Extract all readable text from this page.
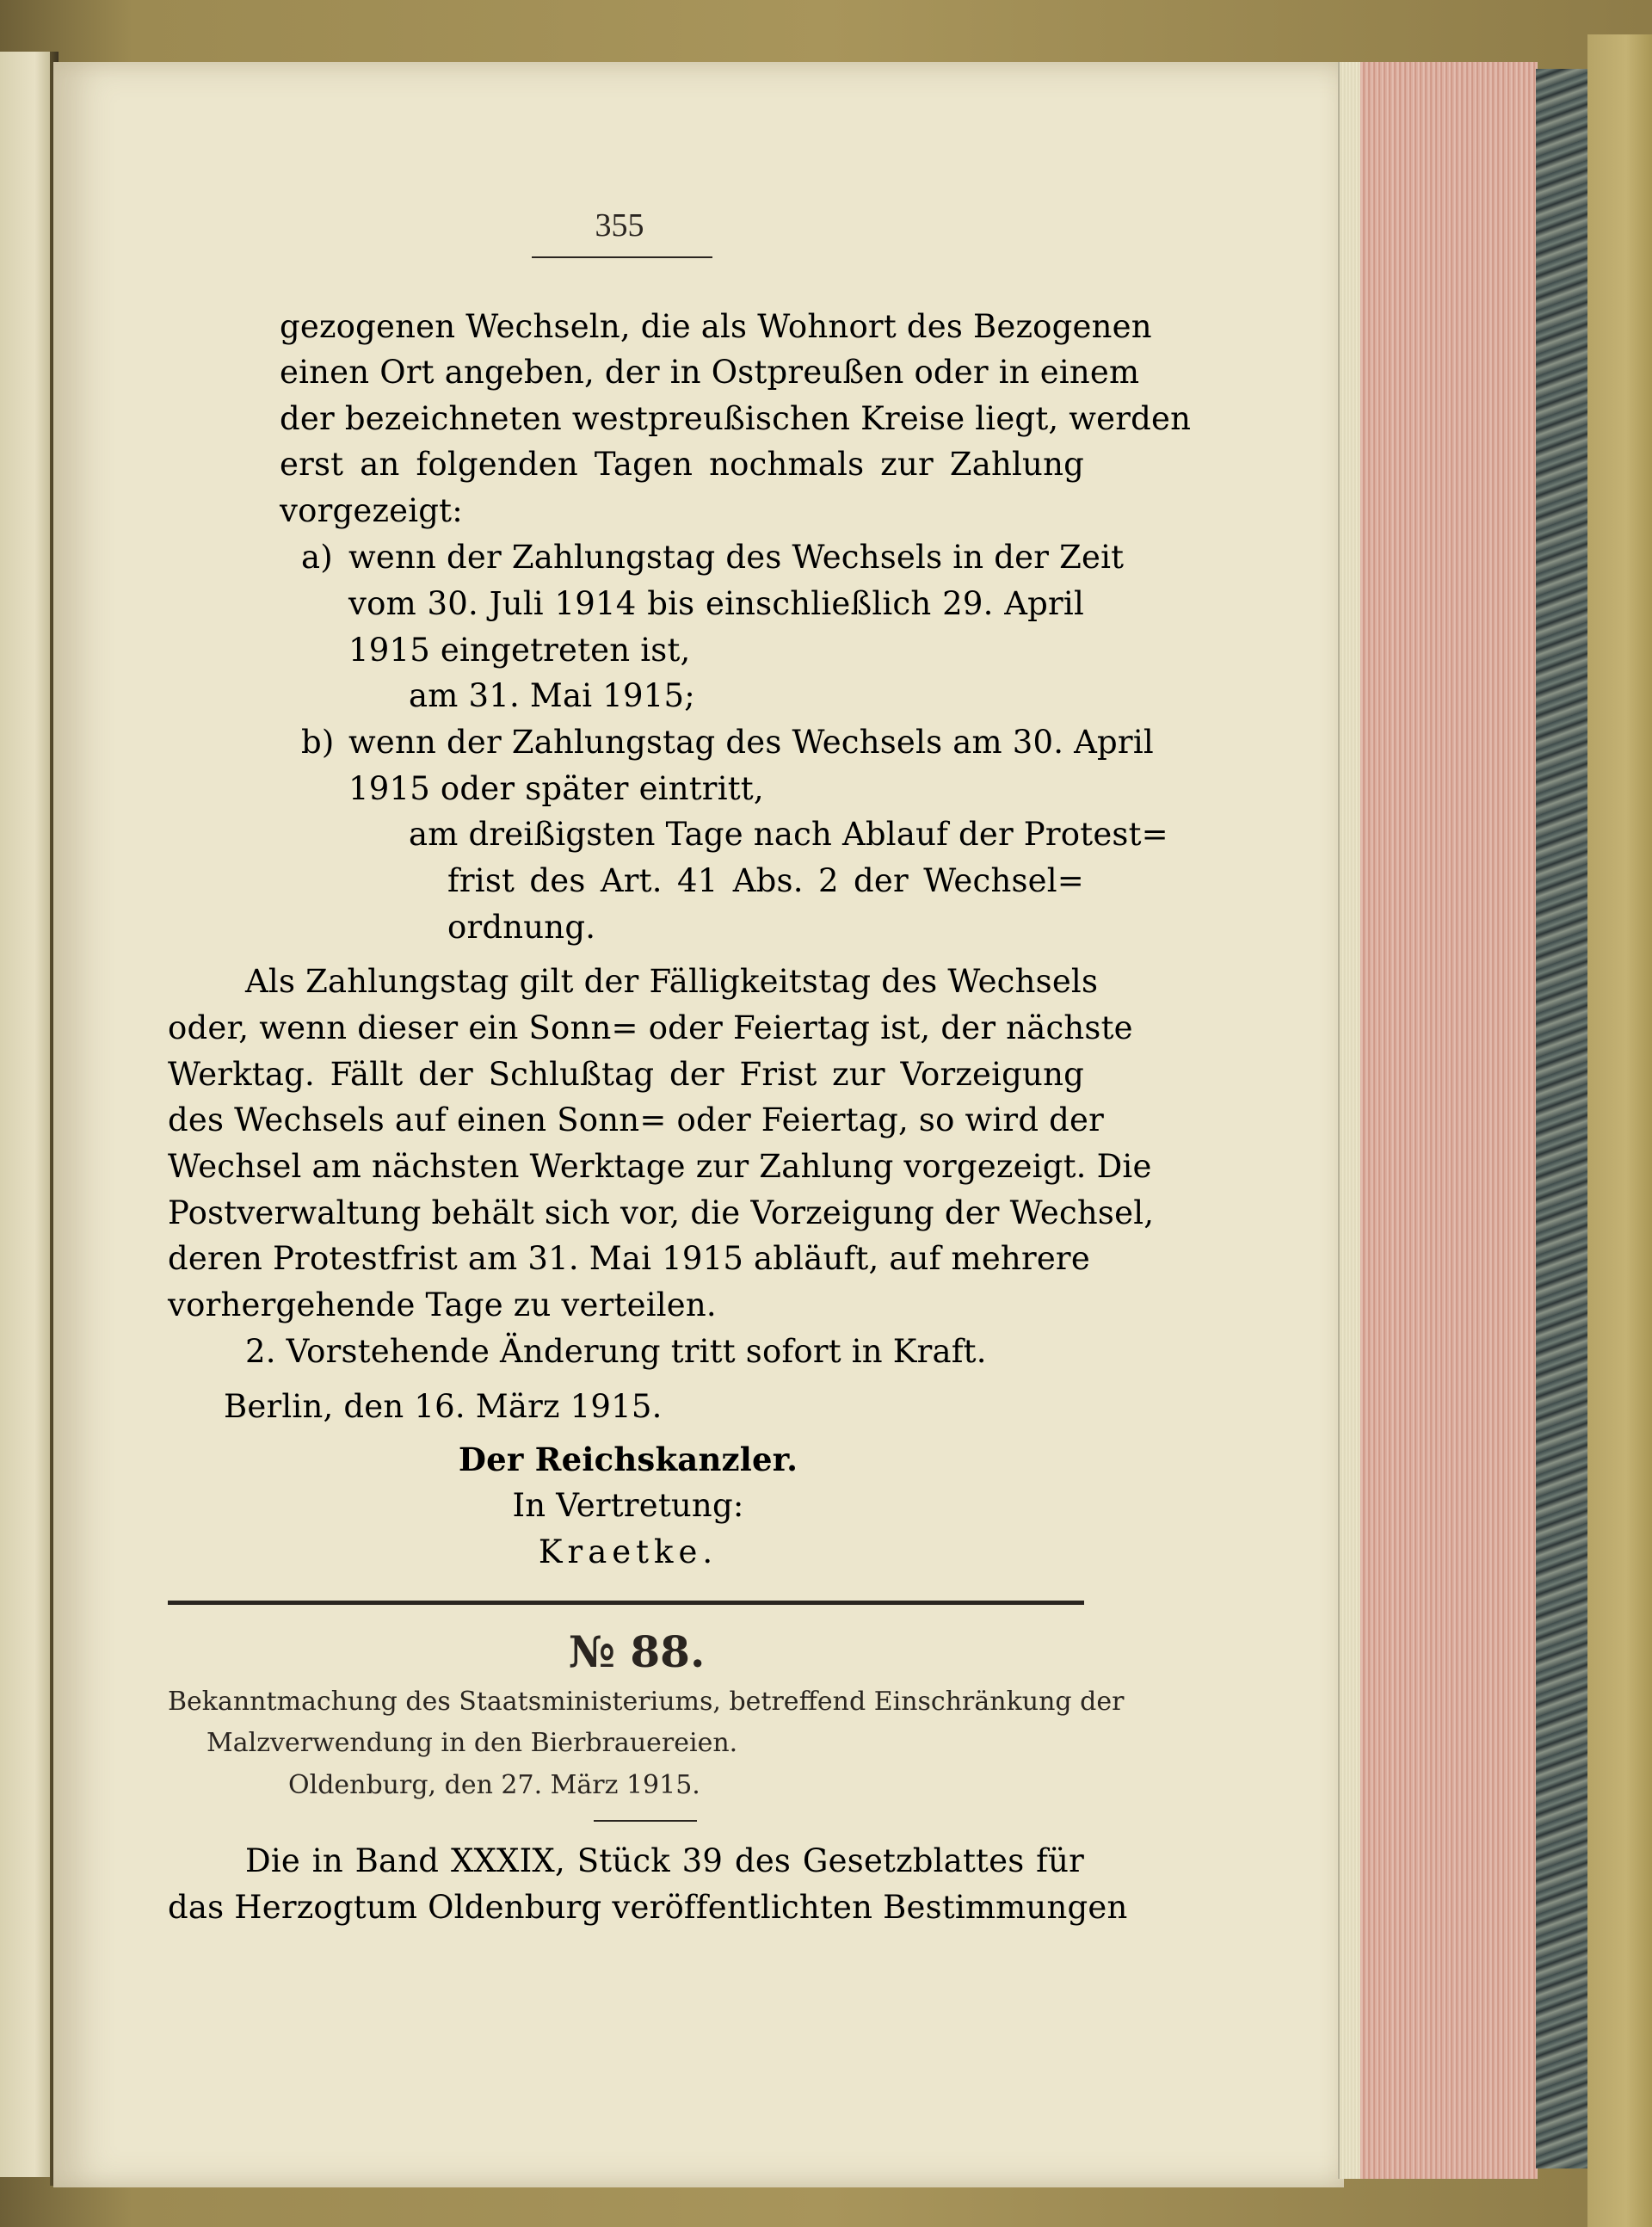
355
gezogenen Wechseln, die als Wohnort des Bezogenen
einen Ort angeben, der in Ostpreußen oder in einem
der bezeichneten westpreußischen Kreise liegt, werden
erst an folgenden Tagen nochmals zur Zahlung
vorgezeigt:
a) wenn der Zahlungstag des Wechsels in der Zeit
vom 30. Juli 1914 bis einschließlich 29. April
1915 eingetreten ist,
am 31. Mai 1915;
b) wenn der Zahlungstag des Wechsels am 30. April
1915 oder später eintritt,
am dreißigsten Tage nach Ablauf der Protest=
frist des Art. 41 Abs. 2 der Wechsel=
ordnung.
Als Zahlungstag gilt der Fälligkeitstag des Wechsels
oder, wenn dieser ein Sonn= oder Feiertag ist, der nächste
Werktag. Fällt der Schlußtag der Frist zur Vorzeigung
des Wechsels auf einen Sonn= oder Feiertag, so wird der
Wechsel am nächsten Werktage zur Zahlung vorgezeigt. Die
Postverwaltung behält sich vor, die Vorzeigung der Wechsel,
deren Protestfrist am 31. Mai 1915 abläuft, auf mehrere
vorhergehende Tage zu verteilen.
2. Vorstehende Änderung tritt sofort in Kraft.
Berlin, den 16. März 1915.
Der Reichskanzler.
In Vertretung:
Kraetke.
№ 88.
Bekanntmachung des Staatsministeriums, betreffend Einschränkung der
Malzverwendung in den Bierbrauereien.
Oldenburg, den 27. März 1915.
Die in Band XXXIX, Stück 39 des Gesetzblattes für
das Herzogtum Oldenburg veröffentlichten Bestimmungen
